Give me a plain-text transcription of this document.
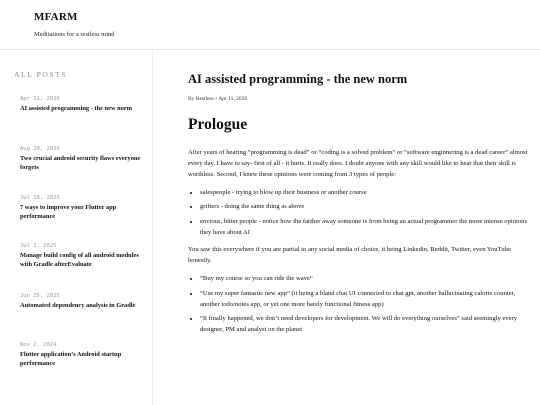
MFARM
Meditations for a restless mind
ALL POSTS
Apr 11, 2026
AI assisted programming - the new norm
Aug 20, 2025
Two crucial android security flaws everyone forgets
Jul 18, 2025
7 ways to improve your Flutter app performance
Jul 1, 2025
Manage build config of all android modules with Gradle afterEvaluate
Jun 25, 2025
Automated dependency analysis in Gradle
Nov 2, 2024
Flutter application’s Android startup performance
AI assisted programming - the new norm
By Restless • Apr 11, 2026
Prologue

After years of hearing “programming is dead” or “coding is a solved problem” or “software enginnering is a dead career” almost every day, I have to say- first of all - it hurts. It really does. I doubt anyone with any skill would like to hear that their skill is worthless. Second, I knew these opinions were coming from 3 types of people:

• salespeople - trying to blow up their business or another course
• grifters - doing the same thing as above
• envious, bitter people - notice how the farther away someone is from being an actual programmer the more intense opinions they have about AI

You saw this everywhere if you are partial to any social media of choice, it being Linkedin, Reddit, Twitter, even YouTube honestly.

• “Buy my course so you can ride the wave”
• “Use my super fantastic new app” (it being a bland chat UI connected to chat gpt, another hallucinating calorie counter, another todo/notes app, or yet one more barely functional fitness app)
• “It finally happened, we don’t need developers for development. We will do everything ourselves” said seemingly every designer, PM and analyst on the planet
